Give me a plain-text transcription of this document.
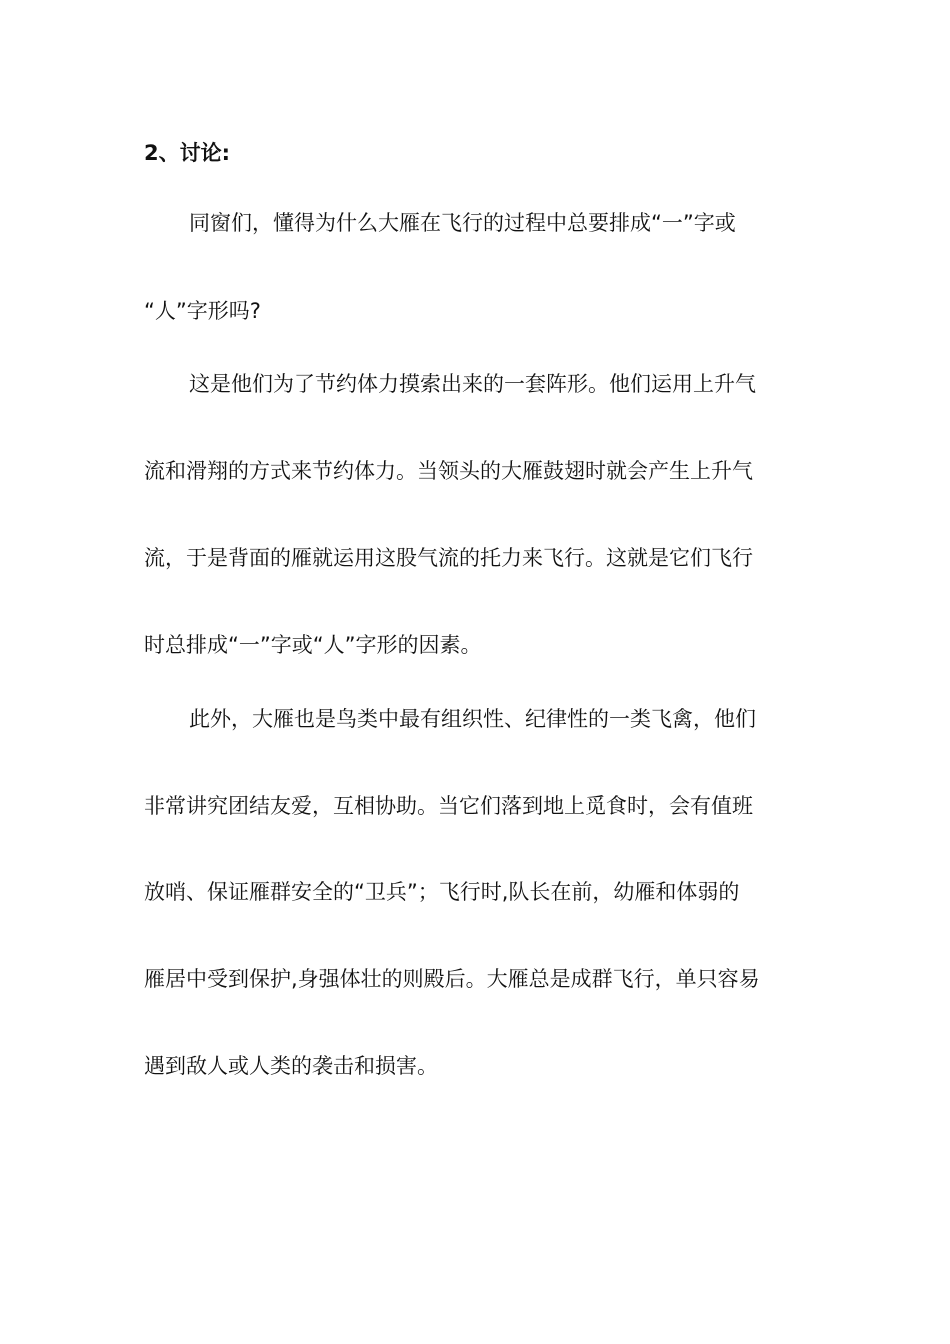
2、讨论:
同窗们，懂得为什么大雁在飞行的过程中总要排成“一”字或
“人”字形吗?
这是他们为了节约体力摸索出来的一套阵形。他们运用上升气
流和滑翔的方式来节约体力。当领头的大雁鼓翅时就会产生上升气
流，于是背面的雁就运用这股气流的托力来飞行。这就是它们飞行
时总排成“一”字或“人”字形的因素。
此外，大雁也是鸟类中最有组织性、纪律性的一类飞禽，他们
非常讲究团结友爱，互相协助。当它们落到地上觅食时，会有值班
放哨、保证雁群安全的“卫兵”；飞行时,队长在前，幼雁和体弱的
雁居中受到保护,身强体壮的则殿后。大雁总是成群飞行，单只容易
遇到敌人或人类的袭击和损害。
